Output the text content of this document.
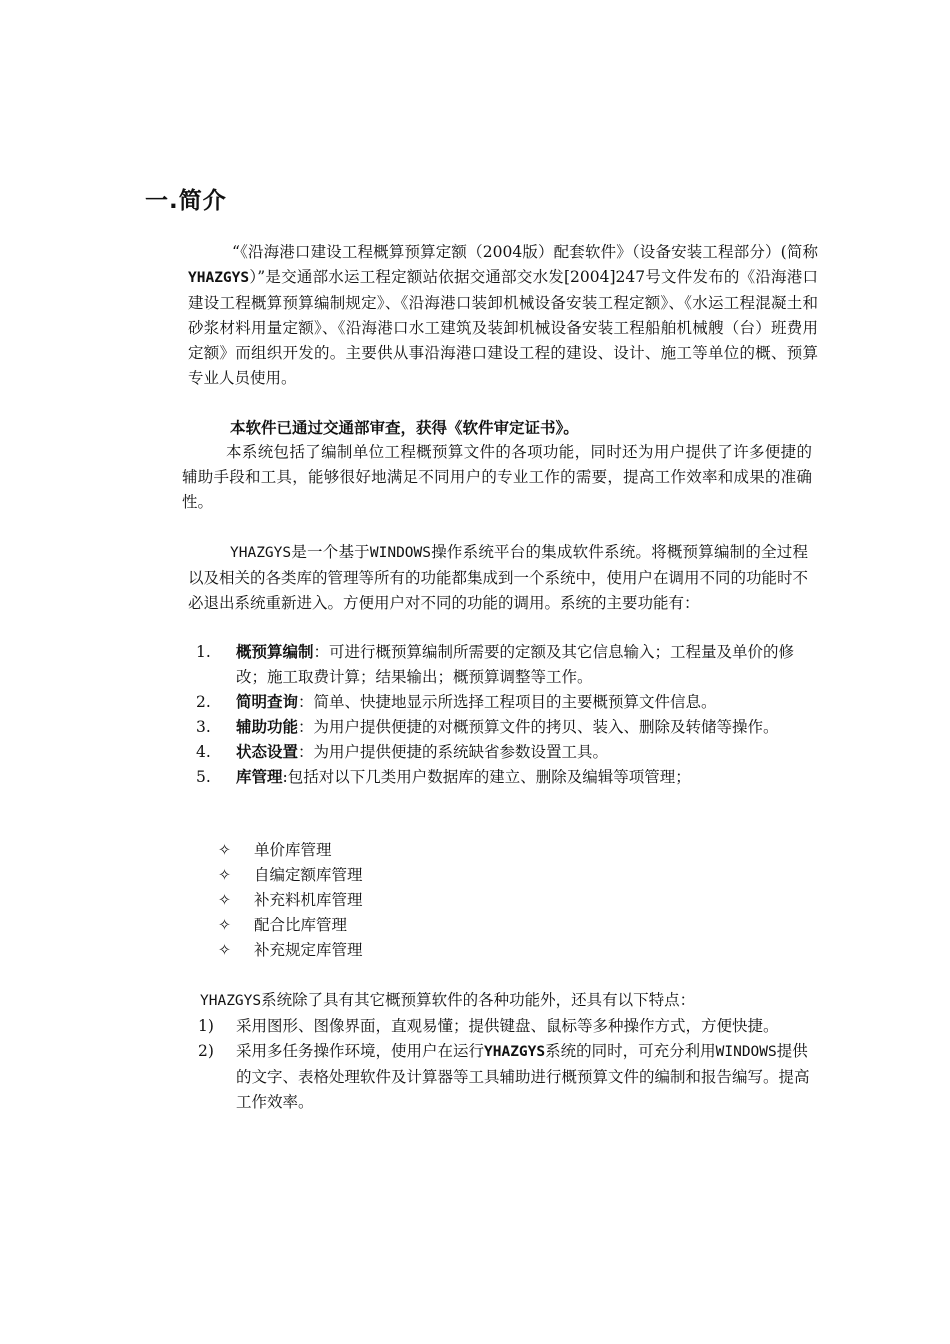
一.简介

“《沿海港口建设工程概算预算定额（2004版）配套软件》（设备安装工程部分）(简称YHAZGYS）”是交通部水运工程定额站依据交通部交水发[2004]247号文件发布的《沿海港口建设工程概算预算编制规定》、《沿海港口装卸机械设备安装工程定额》、《水运工程混凝土和砂浆材料用量定额》、《沿海港口水工建筑及装卸机械设备安装工程船舶机械艘（台）班费用定额》而组织开发的。主要供从事沿海港口建设工程的建设、设计、施工等单位的概、预算专业人员使用。

本软件已通过交通部审查，获得《软件审定证书》。

本系统包括了编制单位工程概预算文件的各项功能，同时还为用户提供了许多便捷的辅助手段和工具，能够很好地满足不同用户的专业工作的需要，提高工作效率和成果的准确性。

YHAZGYS是一个基于WINDOWS操作系统平台的集成软件系统。将概预算编制的全过程以及相关的各类库的管理等所有的功能都集成到一个系统中，使用户在调用不同的功能时不必退出系统重新进入。方便用户对不同的功能的调用。系统的主要功能有：

1.	概预算编制：可进行概预算编制所需要的定额及其它信息输入；工程量及单价的修改；施工取费计算；结果输出；概预算调整等工作。
2.	简明查询：简单、快捷地显示所选择工程项目的主要概预算文件信息。
3.	辅助功能：为用户提供便捷的对概预算文件的拷贝、装入、删除及转储等操作。
4.	状态设置：为用户提供便捷的系统缺省参数设置工具。
5.	库管理:包括对以下几类用户数据库的建立、删除及编辑等项管理；
✧ 单价库管理
✧ 自编定额库管理
✧ 补充料机库管理
✧ 配合比库管理
✧ 补充规定库管理

YHAZGYS系统除了具有其它概预算软件的各种功能外，还具有以下特点：

1) 采用图形、图像界面，直观易懂；提供键盘、鼠标等多种操作方式，方便快捷。
2) 采用多任务操作环境，使用户在运行YHAZGYS系统的同时，可充分利用WINDOWS提供的文字、表格处理软件及计算器等工具辅助进行概预算文件的编制和报告编写。提高工作效率。
